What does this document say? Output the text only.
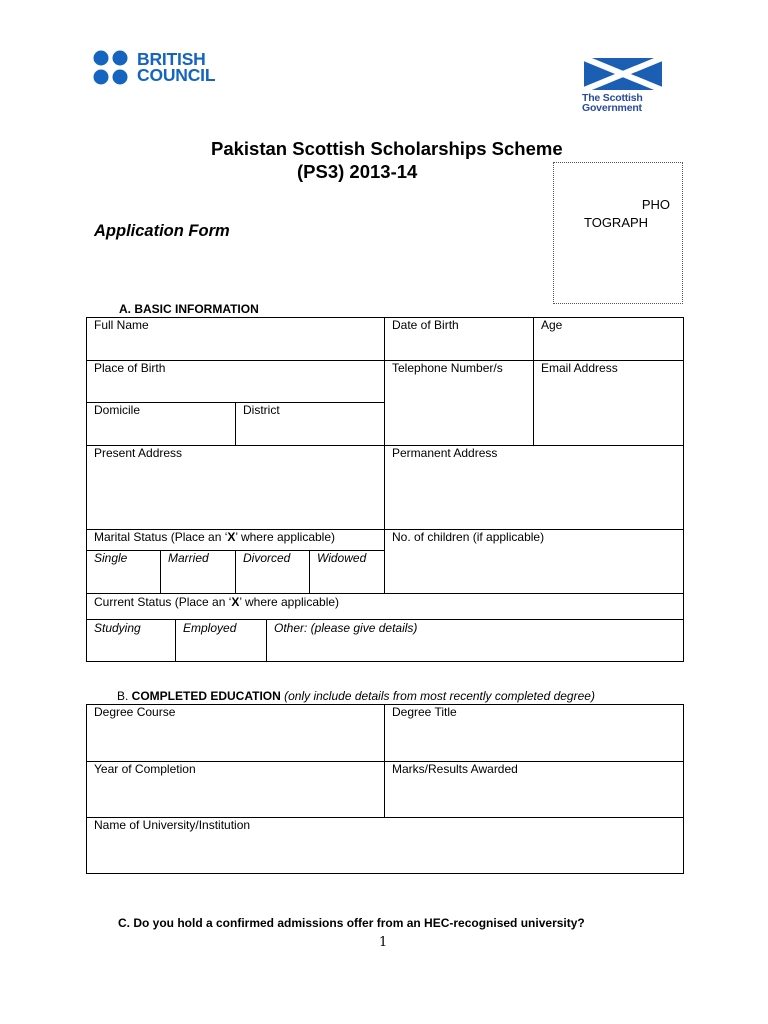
BRITISH
COUNCIL
The Scottish
Government
Pakistan Scottish Scholarships Scheme
(PS3) 2013-14
Application Form
PHO
TOGRAPH
A. BASIC INFORMATION
Full Name	Date of Birth	Age
Place of Birth	Telephone Number/s	Email Address
Domicile	District
Present Address	Permanent Address
Marital Status (Place an ‘X’ where applicable)	No. of children (if applicable)
Single	Married	Divorced	Widowed
Current Status (Place an ‘X’ where applicable)
Studying	Employed	Other: (please give details)
B. COMPLETED EDUCATION (only include details from most recently completed degree)
Degree Course	Degree Title
Year of Completion	Marks/Results Awarded
Name of University/Institution
C. Do you hold a confirmed admissions offer from an HEC-recognised university?
1
